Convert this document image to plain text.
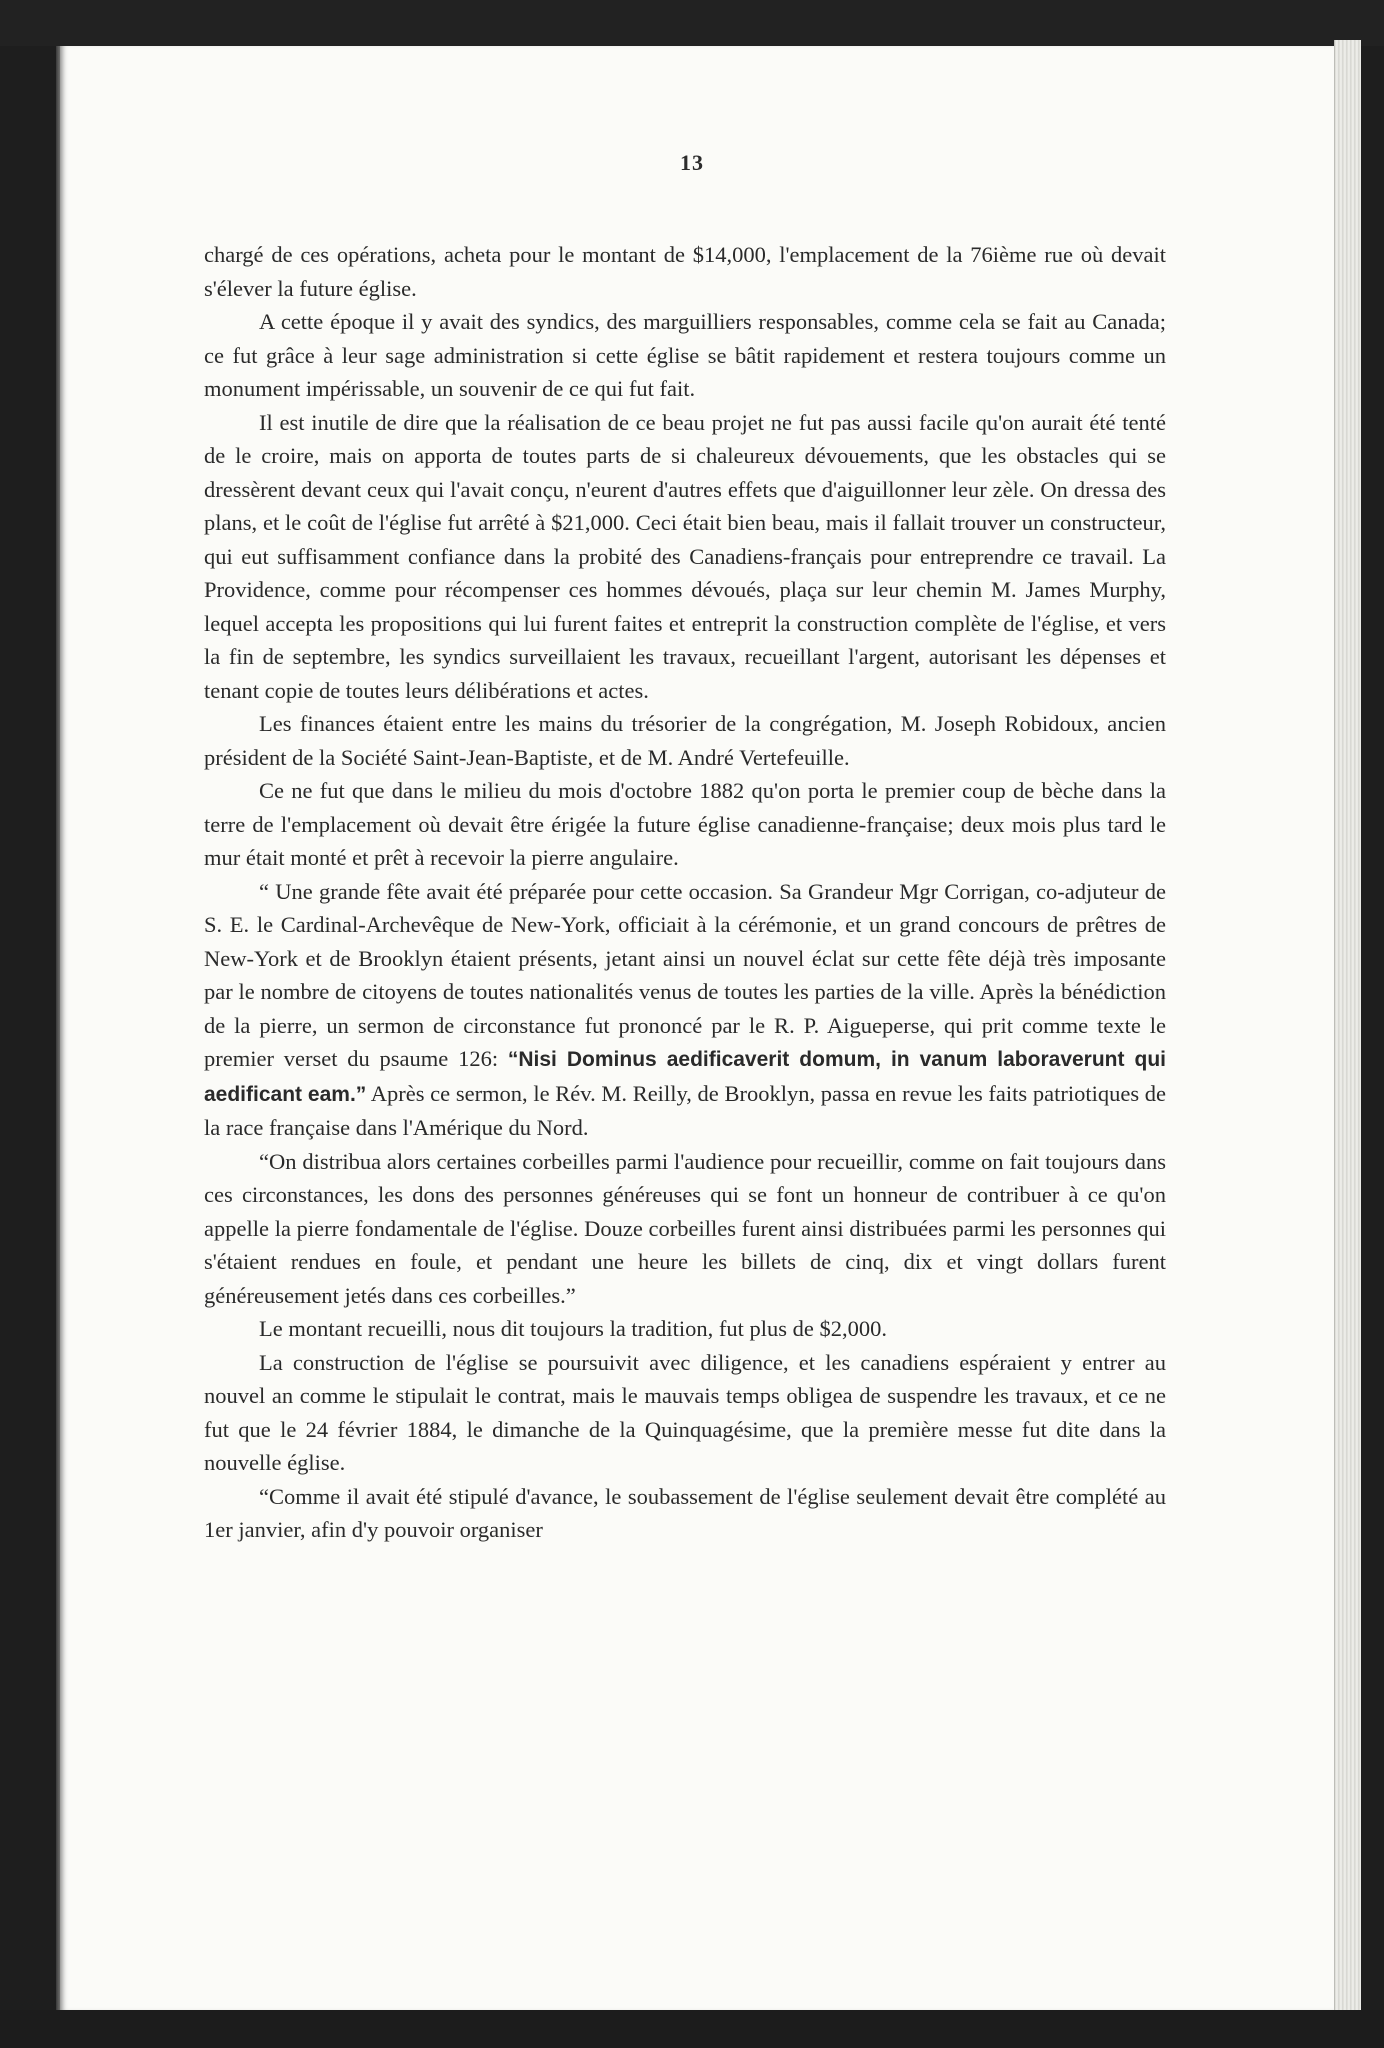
13

chargé de ces opérations, acheta pour le montant de $14,000, l'emplacement de la 76ième rue où devait s'élever la future église.

A cette époque il y avait des syndics, des marguilliers responsables, comme cela se fait au Canada; ce fut grâce à leur sage administration si cette église se bâtit rapidement et restera toujours comme un monument impérissable, un souvenir de ce qui fut fait.

Il est inutile de dire que la réalisation de ce beau projet ne fut pas aussi facile qu'on aurait été tenté de le croire, mais on apporta de toutes parts de si chaleureux dévouements, que les obstacles qui se dressèrent devant ceux qui l'avait conçu, n'eurent d'autres effets que d'aiguillonner leur zèle. On dressa des plans, et le coût de l'église fut arrêté à $21,000. Ceci était bien beau, mais il fallait trouver un constructeur, qui eut suffisamment confiance dans la probité des Canadiens-français pour entreprendre ce travail. La Providence, comme pour récompenser ces hommes dévoués, plaça sur leur chemin M. James Murphy, lequel accepta les propositions qui lui furent faites et entreprit la construction complète de l'église, et vers la fin de septembre, les syndics surveillaient les travaux, recueillant l'argent, autorisant les dépenses et tenant copie de toutes leurs délibérations et actes.

Les finances étaient entre les mains du trésorier de la congrégation, M. Joseph Robidoux, ancien président de la Société Saint-Jean-Baptiste, et de M. André Vertefeuille.

Ce ne fut que dans le milieu du mois d'octobre 1882 qu'on porta le premier coup de bèche dans la terre de l'emplacement où devait être érigée la future église canadienne-française; deux mois plus tard le mur était monté et prêt à recevoir la pierre angulaire.

“ Une grande fête avait été préparée pour cette occasion. Sa Grandeur Mgr Corrigan, co-adjuteur de S. E. le Cardinal-Archevêque de New-York, officiait à la cérémonie, et un grand concours de prêtres de New-York et de Brooklyn étaient présents, jetant ainsi un nouvel éclat sur cette fête déjà très imposante par le nombre de citoyens de toutes nationalités venus de toutes les parties de la ville. Après la bénédiction de la pierre, un sermon de circonstance fut prononcé par le R. P. Aigueperse, qui prit comme texte le premier verset du psaume 126: “Nisi Dominus aedificaverit domum, in vanum laboraverunt qui aedificant eam.” Après ce sermon, le Rév. M. Reilly, de Brooklyn, passa en revue les faits patriotiques de la race française dans l'Amérique du Nord.

“On distribua alors certaines corbeilles parmi l'audience pour recueillir, comme on fait toujours dans ces circonstances, les dons des personnes généreuses qui se font un honneur de contribuer à ce qu'on appelle la pierre fondamentale de l'église. Douze corbeilles furent ainsi distribuées parmi les personnes qui s'étaient rendues en foule, et pendant une heure les billets de cinq, dix et vingt dollars furent généreusement jetés dans ces corbeilles.”

Le montant recueilli, nous dit toujours la tradition, fut plus de $2,000.

La construction de l'église se poursuivit avec diligence, et les canadiens espéraient y entrer au nouvel an comme le stipulait le contrat, mais le mauvais temps obligea de suspendre les travaux, et ce ne fut que le 24 février 1884, le dimanche de la Quinquagésime, que la première messe fut dite dans la nouvelle église.

“Comme il avait été stipulé d'avance, le soubassement de l'église seulement devait être complété au 1er janvier, afin d'y pouvoir organiser
